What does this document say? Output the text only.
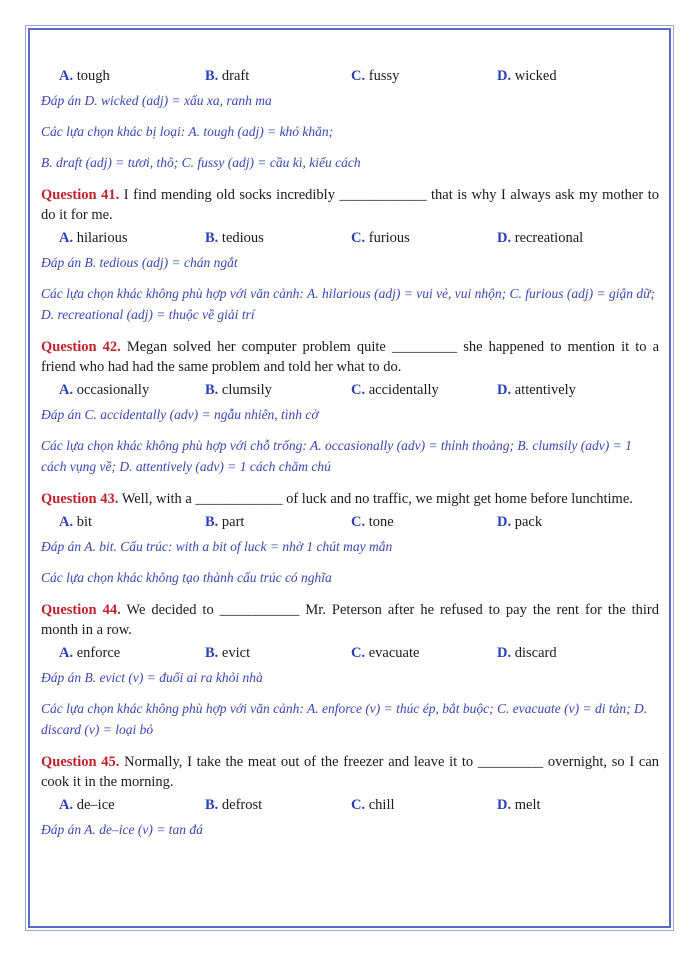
A. tough	B. draft	C. fussy	D. wicked

Đáp án D. wicked (adj) = xấu xa, ranh ma

Các lựa chọn khác bị loại: A. tough (adj) = khó khăn;

B. draft (adj) = tươi, thô; C. fussy (adj) = cầu kì, kiểu cách

Question 41. I find mending old socks incredibly ____________ that is why I always ask my mother to do it for me.

A. hilarious	B. tedious	C. furious	D. recreational

Đáp án B. tedious (adj) = chán ngắt

Các lựa chọn khác không phù hợp với văn cảnh: A. hilarious (adj) = vui vẻ, vui nhộn; C. furious (adj) = giận dữ; D. recreational (adj) = thuộc về giải trí

Question 42. Megan solved her computer problem quite _________ she happened to mention it to a friend who had had the same problem and told her what to do.

A. occasionally	B. clumsily	C. accidentally	D. attentively

Đáp án C. accidentally (adv) = ngẫu nhiên, tình cờ

Các lựa chọn khác không phù hợp với chỗ trống: A. occasionally (adv) = thỉnh thoảng; B. clumsily (adv) = 1 cách vụng về; D. attentively (adv) = 1 cách chăm chú

Question 43. Well, with a ____________ of luck and no traffic, we might get home before lunchtime.

A. bit	B. part	C. tone	D. pack

Đáp án A. bit. Cấu trúc: with a bit of luck = nhờ 1 chút may mắn

Các lựa chọn khác không tạo thành cấu trúc có nghĩa

Question 44. We decided to ___________ Mr. Peterson after he refused to pay the rent for the third month in a row.

A. enforce	B. evict	C. evacuate	D. discard

Đáp án B. evict (v) = đuổi ai ra khỏi nhà

Các lựa chọn khác không phù hợp với văn cảnh: A. enforce (v) = thúc ép, bắt buộc; C. evacuate (v) = di tản; D. discard (v) = loại bỏ

Question 45. Normally, I take the meat out of the freezer and leave it to _________ overnight, so I can cook it in the morning.

A. de–ice	B. defrost	C. chill	D. melt

Đáp án A. de–ice (v) = tan đá
